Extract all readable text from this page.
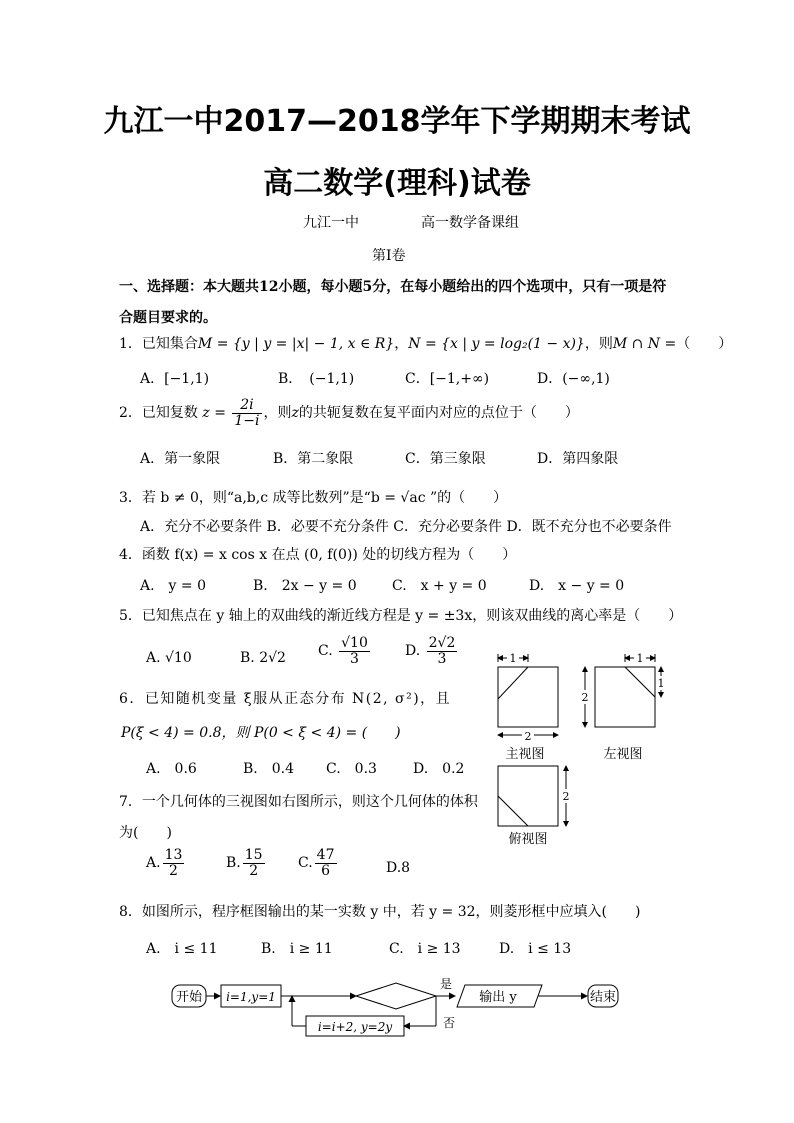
九江一中2017—2018学年下学期期末考试
高二数学(理科)试卷
九江一中	高一数学备课组
第Ⅰ卷
一、选择题：本大题共12小题，每小题5分，在每小题给出的四个选项中，只有一项是符
合题目要求的。
1．已知集合M = {y | y = |x| − 1, x ∈ R}，N = {x | y = log₂(1 − x)}，则M ∩ N =（　　）
A．[−1,1)	B．　(−1,1)	C．[−1,+∞)	D．(−∞,1)
2．已知复数 $z = \frac{2i}{1-i}$ ，则z的共轭复数在复平面内对应的点位于（　　）
A．第一象限	B．第二象限	C．第三象限	D．第四象限
3．若 b ≠ 0，则“a,b,c 成等比数列”是“b = √ac ”的（　　）
A．充分不必要条件 B．必要不充分条件 C．充分必要条件 D．既不充分也不必要条件
4．函数 f(x) = x cos x 在点 (0, f(0)) 处的切线方程为（　　）
A.　y = 0	B.　2x − y = 0	C.　x + y = 0	D.　x − y = 0
5．已知焦点在 y 轴上的双曲线的渐近线方程是 y = ±3x，则该双曲线的离心率是（　　）
A. √10	B. 2√2 C. $\frac{√10}{3}$	D. $\frac{2√2}{3}$
6．已知随机变量 ξ服从正态分布 N(2, σ²)，且
P(ξ < 4) = 0.8，则 P(0 < ξ < 4) = (　　)
A.　0.6	B.　0.4 C.　0.3	D.　0.2
7．一个几何体的三视图如右图所示，则这个几何体的体积
为(　　)
A. $\frac{13}{2}$	B. $\frac{15}{2} C$. $\frac{47}{6}$	D.8
8．如图所示，程序框图输出的某一实数 y 中，若 y = 32，则菱形框中应填入(　　)
A.　i ≤ 11	B.　i ≥ 11	C.　i ≥ 13	D.　i ≤ 13
1
2
主视图
1
2
1
左视图
2
俯视图
开始 i=1,y=1
是
输出 y	结束
否
i=i+2, y=2y
